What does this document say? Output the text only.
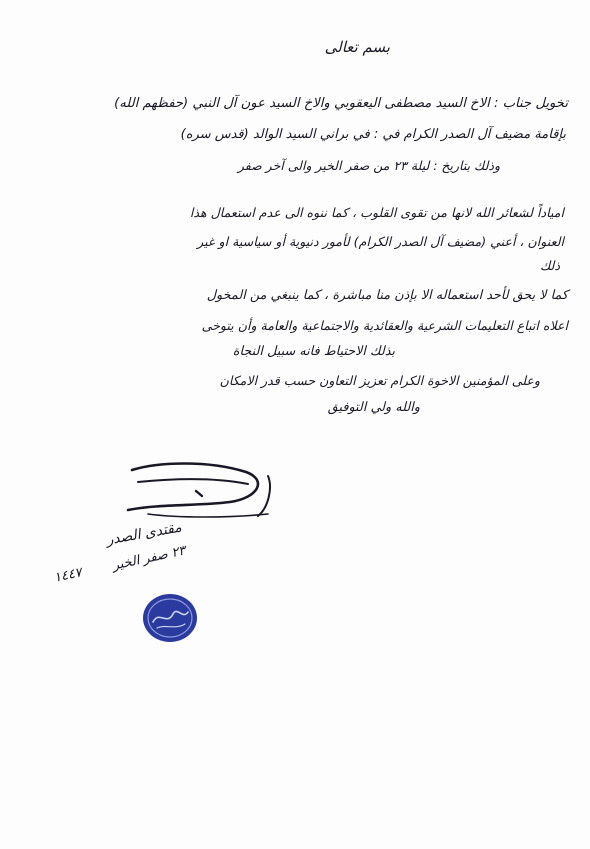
بسم تعالى
تخويل جناب : الاخ السيد مصطفى اليعقوبي والاخ السيد عون آل النبي (حفظهم الله)
بإقامة مضيف آل الصدر الكرام في : في براني السيد الوالد (قدس سره)
وذلك بتاريخ : ليلة ٢٣ من صفر الخير والى آخر صفر
امياداً لشعائر الله لانها من تقوى القلوب ، كما ننوه الى عدم استعمال هذا
العنوان ، أعني (مضيف آل الصدر الكرام) لأمور دنيوية أو سياسية او غير
ذلك
كما لا يحق لأحد استعماله الا بإذن منا مباشرة ، كما ينبغي من المخول
اعلاه اتباع التعليمات الشرعية والعقائدية والاجتماعية والعامة وأن يتوخى
بذلك الاحتياط فانه سبيل النجاة
وعلى المؤمنين الاخوة الكرام تعزيز التعاون حسب قدر الامكان
والله ولي التوفيق
مقتدى الصدر
٢٣ صفر الخير
١٤٤٧
